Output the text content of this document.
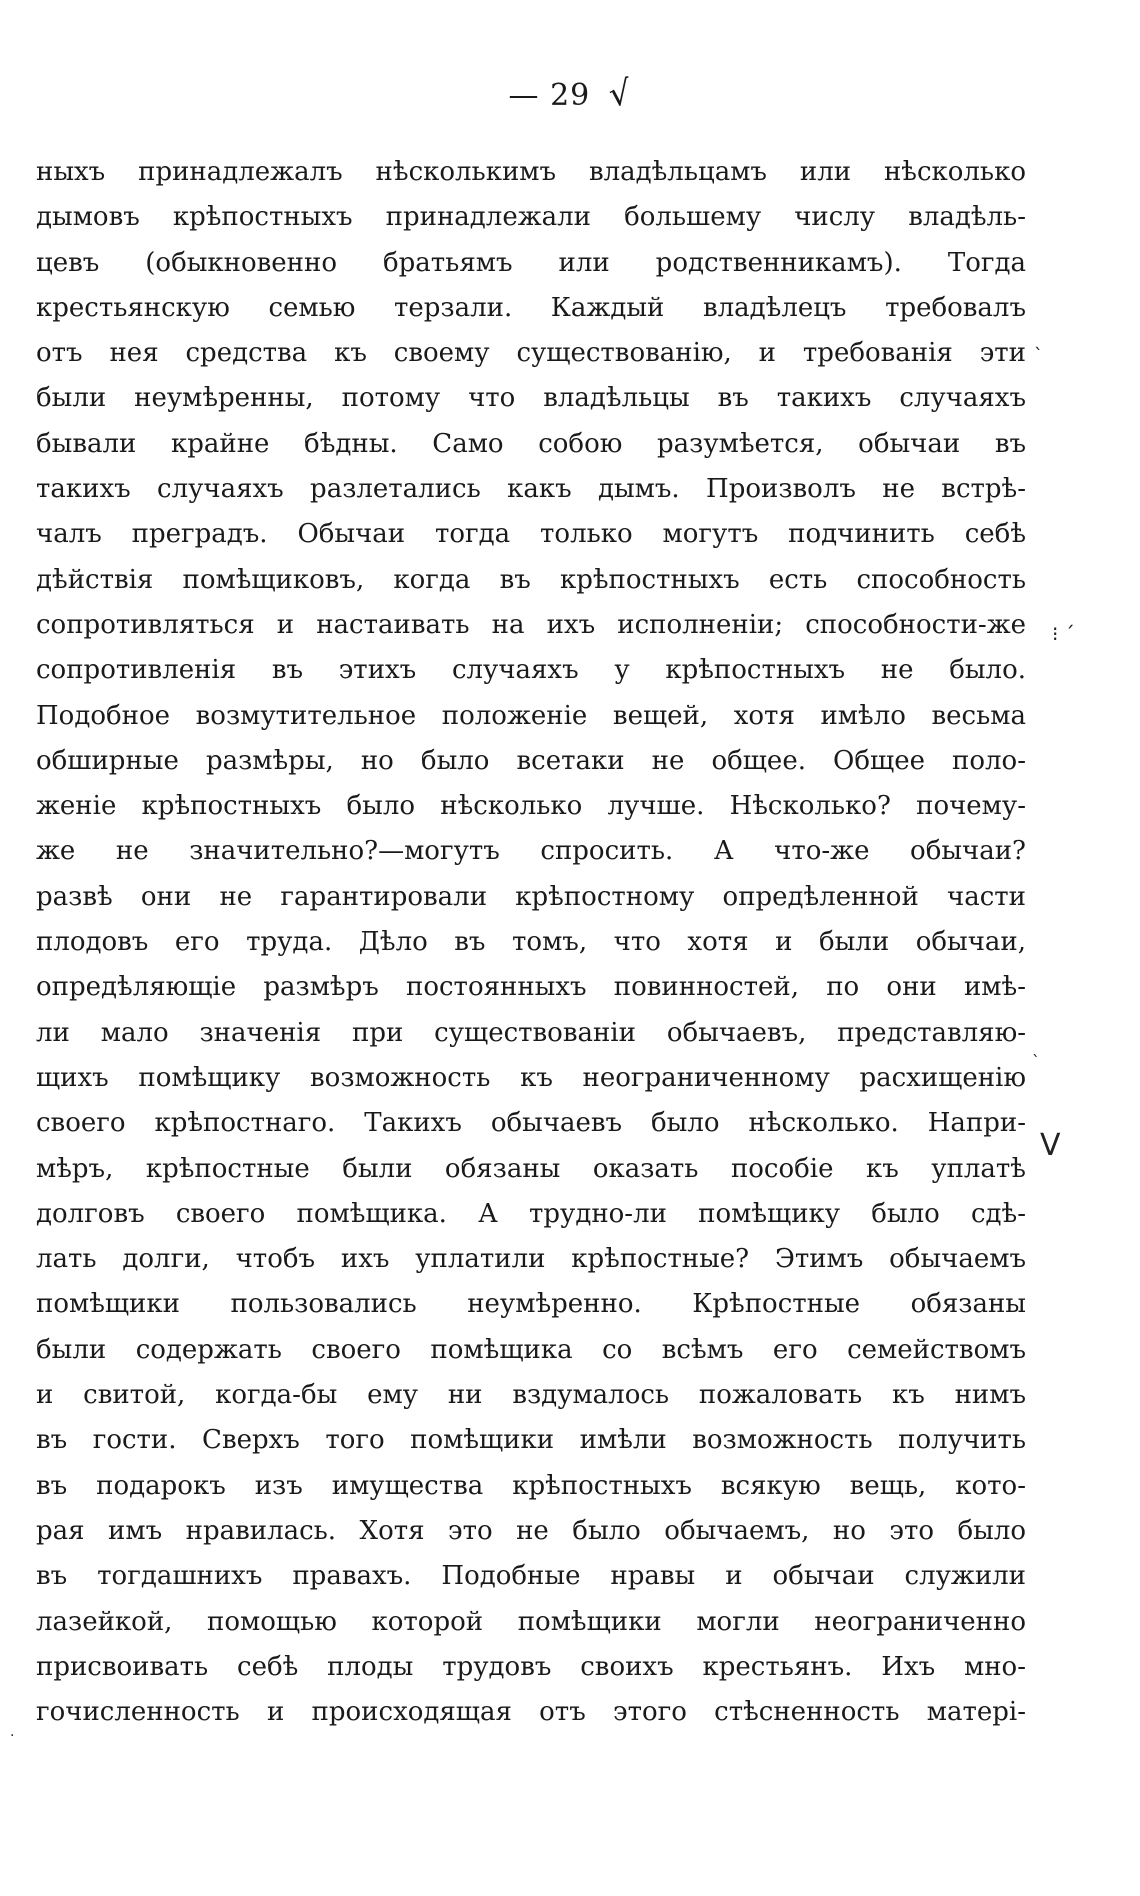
— 29 √
ныхъ принадлежалъ нѣсколькимъ владѣльцамъ или нѣсколько
дымовъ крѣпостныхъ принадлежали большему числу владѣль-
цевъ (обыкновенно братьямъ или родственникамъ). Тогда
крестьянскую семью терзали. Каждый владѣлецъ требовалъ
отъ нея средства къ своему существованію, и требованія эти
были неумѣренны, потому что владѣльцы въ такихъ случаяхъ
бывали крайне бѣдны. Само собою разумѣется, обычаи въ
такихъ случаяхъ разлетались какъ дымъ. Произволъ не встрѣ-
чалъ преградъ. Обычаи тогда только могутъ подчинить себѣ
дѣйствія помѣщиковъ, когда въ крѣпостныхъ есть способность
сопротивляться и настаивать на ихъ исполненіи; способности-же
сопротивленія въ этихъ случаяхъ у крѣпостныхъ не было.
Подобное возмутительное положеніе вещей, хотя имѣло весьма
обширные размѣры, но было всетаки не общее. Общее поло-
женіе крѣпостныхъ было нѣсколько лучше. Нѣсколько? почему-
же не значительно?—могутъ спросить. А что-же обычаи?
развѣ они не гарантировали крѣпостному опредѣленной части
плодовъ его труда. Дѣло въ томъ, что хотя и были обычаи,
опредѣляющіе размѣръ постоянныхъ повинностей, по они имѣ-
ли мало значенія при существованіи обычаевъ, представляю-
щихъ помѣщику возможность къ неограниченному расхищенію
своего крѣпостнаго. Такихъ обычаевъ было нѣсколько. Напри-
мѣръ, крѣпостные были обязаны оказать пособіе къ уплатѣ
долговъ своего помѣщика. А трудно-ли помѣщику было сдѣ-
лать долги, чтобъ ихъ уплатили крѣпостные? Этимъ обычаемъ
помѣщики пользовались неумѣренно. Крѣпостные обязаны
были содержать своего помѣщика со всѣмъ его семействомъ
и свитой, когда-бы ему ни вздумалось пожаловать къ нимъ
въ гости. Сверхъ того помѣщики имѣли возможность получить
въ подарокъ изъ имущества крѣпостныхъ всякую вещь, кото-
рая имъ нравилась. Хотя это не было обычаемъ, но это было
въ тогдашнихъ правахъ. Подобные нравы и обычаи служили
лазейкой, помощью которой помѣщики могли неограниченно
присвоивать себѣ плоды трудовъ своихъ крестьянъ. Ихъ мно-
гочисленность и происходящая отъ этого стѣсненность матері-
ˋ
⁝ ˊ
V
ˋ
·
